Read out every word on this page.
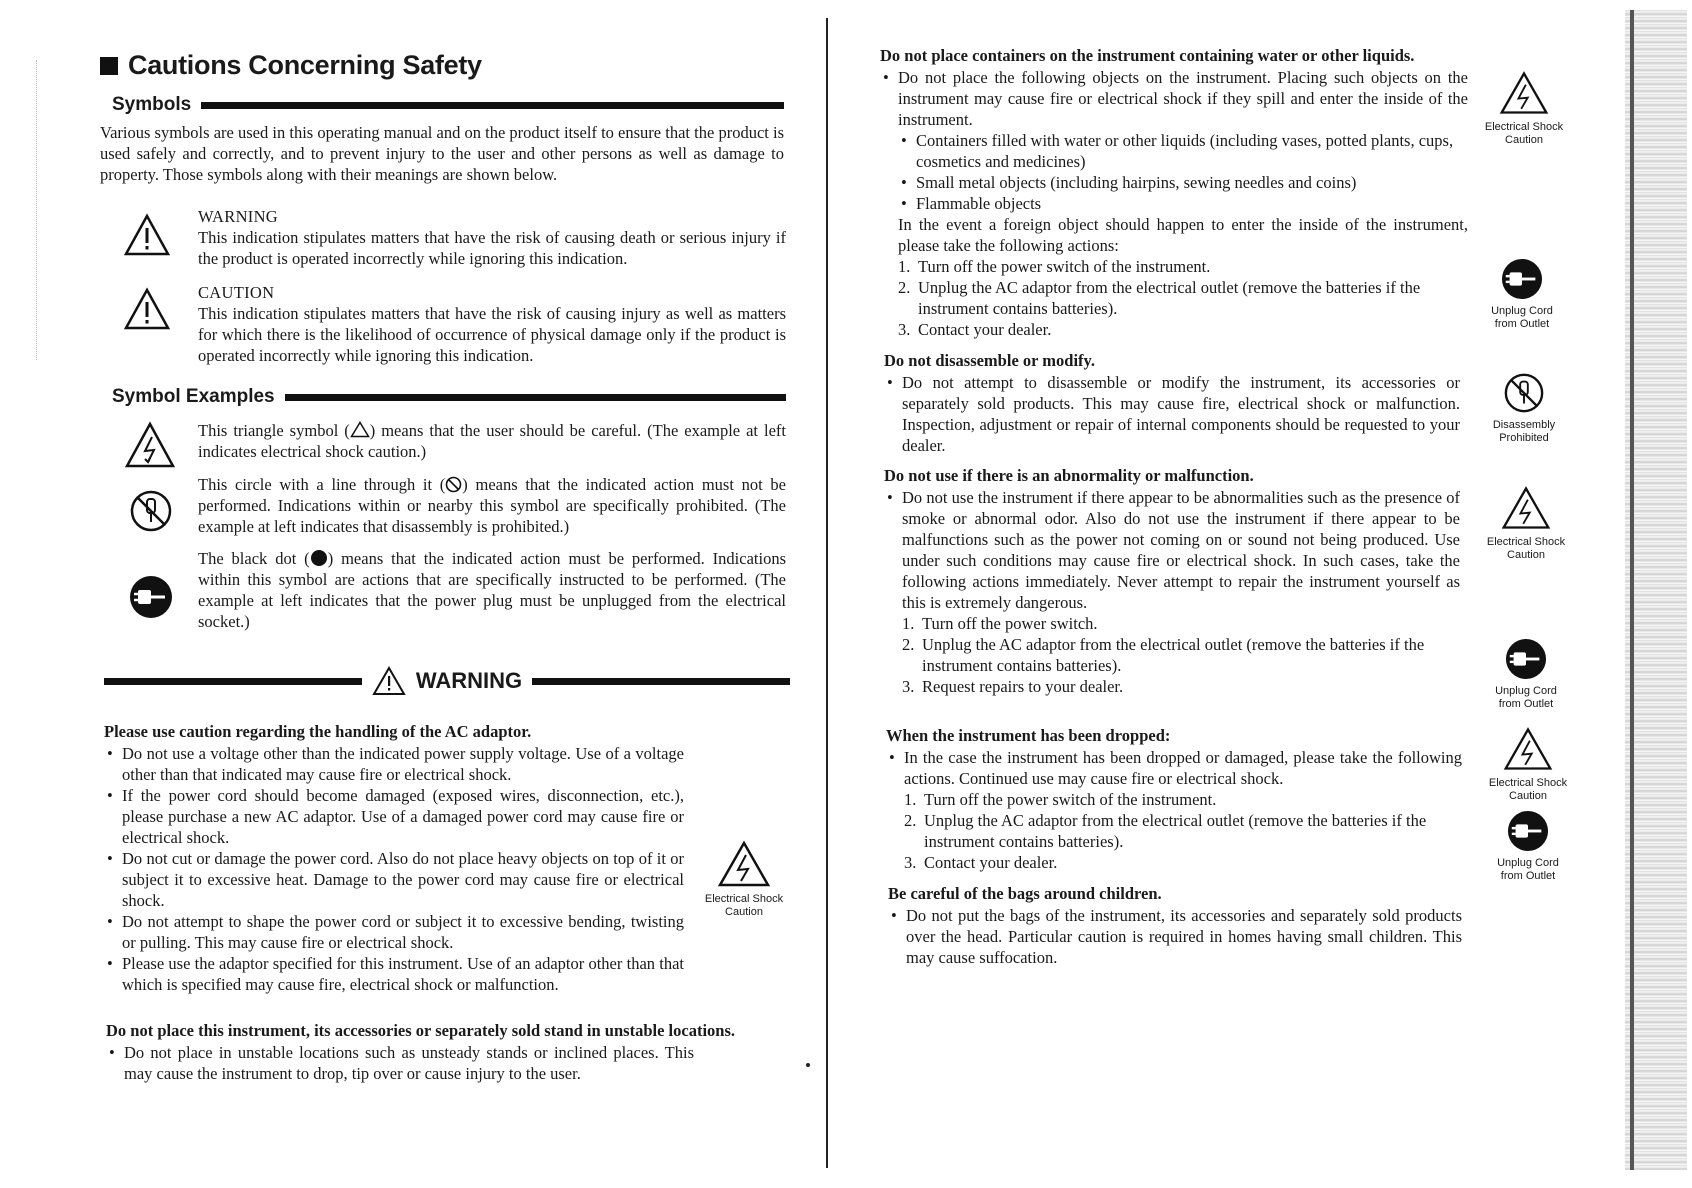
Cautions Concerning Safety
Symbols
Various symbols are used in this operating manual and on the product itself to ensure that the product is used safely and correctly, and to prevent injury to the user and other persons as well as damage to property. Those symbols along with their meanings are shown below.
WARNING
This indication stipulates matters that have the risk of causing death or serious injury if the product is operated incorrectly while ignoring this indication.
CAUTION
This indication stipulates matters that have the risk of causing injury as well as matters for which there is the likelihood of occurrence of physical damage only if the product is operated incorrectly while ignoring this indication.
Symbol Examples
This triangle symbol ( ) means that the user should be careful. (The example at left indicates electrical shock caution.)
This circle with a line through it ( ) means that the indicated action must not be performed. Indications within or nearby this symbol are specifically prohibited. (The example at left indicates that disassembly is prohibited.)
The black dot ( ) means that the indicated action must be performed. Indications within this symbol are actions that are specifically instructed to be performed. (The example at left indicates that the power plug must be unplugged from the electrical socket.)
WARNING
Please use caution regarding the handling of the AC adaptor.
• Do not use a voltage other than the indicated power supply voltage. Use of a voltage other than that indicated may cause fire or electrical shock.
• If the power cord should become damaged (exposed wires, disconnection, etc.), please purchase a new AC adaptor. Use of a damaged power cord may cause fire or electrical shock.
• Do not cut or damage the power cord. Also do not place heavy objects on top of it or subject it to excessive heat. Damage to the power cord may cause fire or electrical shock.
• Do not attempt to shape the power cord or subject it to excessive bending, twisting or pulling. This may cause fire or electrical shock.
• Please use the adaptor specified for this instrument. Use of an adaptor other than that which is specified may cause fire, electrical shock or malfunction.
Electrical Shock
Caution
Do not place this instrument, its accessories or separately sold stand in unstable locations.
• Do not place in unstable locations such as unsteady stands or inclined places. This may cause the instrument to drop, tip over or cause injury to the user.
Do not place containers on the instrument containing water or other liquids.
• Do not place the following objects on the instrument. Placing such objects on the instrument may cause fire or electrical shock if they spill and enter the inside of the instrument.
• Containers filled with water or other liquids (including vases, potted plants, cups, cosmetics and medicines)
• Small metal objects (including hairpins, sewing needles and coins)
• Flammable objects
In the event a foreign object should happen to enter the inside of the instrument, please take the following actions:
1. Turn off the power switch of the instrument.
2. Unplug the AC adaptor from the electrical outlet (remove the batteries if the instrument contains batteries).
3. Contact your dealer.
Do not disassemble or modify.
• Do not attempt to disassemble or modify the instrument, its accessories or separately sold products. This may cause fire, electrical shock or malfunction. Inspection, adjustment or repair of internal components should be requested to your dealer.
Do not use if there is an abnormality or malfunction.
• Do not use the instrument if there appear to be abnormalities such as the presence of smoke or abnormal odor. Also do not use the instrument if there appear to be malfunctions such as the power not coming on or sound not being produced. Use under such conditions may cause fire or electrical shock. In such cases, take the following actions immediately. Never attempt to repair the instrument yourself as this is extremely dangerous.
1. Turn off the power switch.
2. Unplug the AC adaptor from the electrical outlet (remove the batteries if the instrument contains batteries).
3. Request repairs to your dealer.
When the instrument has been dropped:
• In the case the instrument has been dropped or damaged, please take the following actions. Continued use may cause fire or electrical shock.
1. Turn off the power switch of the instrument.
2. Unplug the AC adaptor from the electrical outlet (remove the batteries if the instrument contains batteries).
3. Contact your dealer.
Be careful of the bags around children.
• Do not put the bags of the instrument, its accessories and separately sold products over the head. Particular caution is required in homes having small children. This may cause suffocation.
Electrical Shock
Caution
Unplug Cord
from Outlet
Disassembly
Prohibited
Electrical Shock
Caution
Unplug Cord
from Outlet
Electrical Shock
Caution
Unplug Cord
from Outlet
